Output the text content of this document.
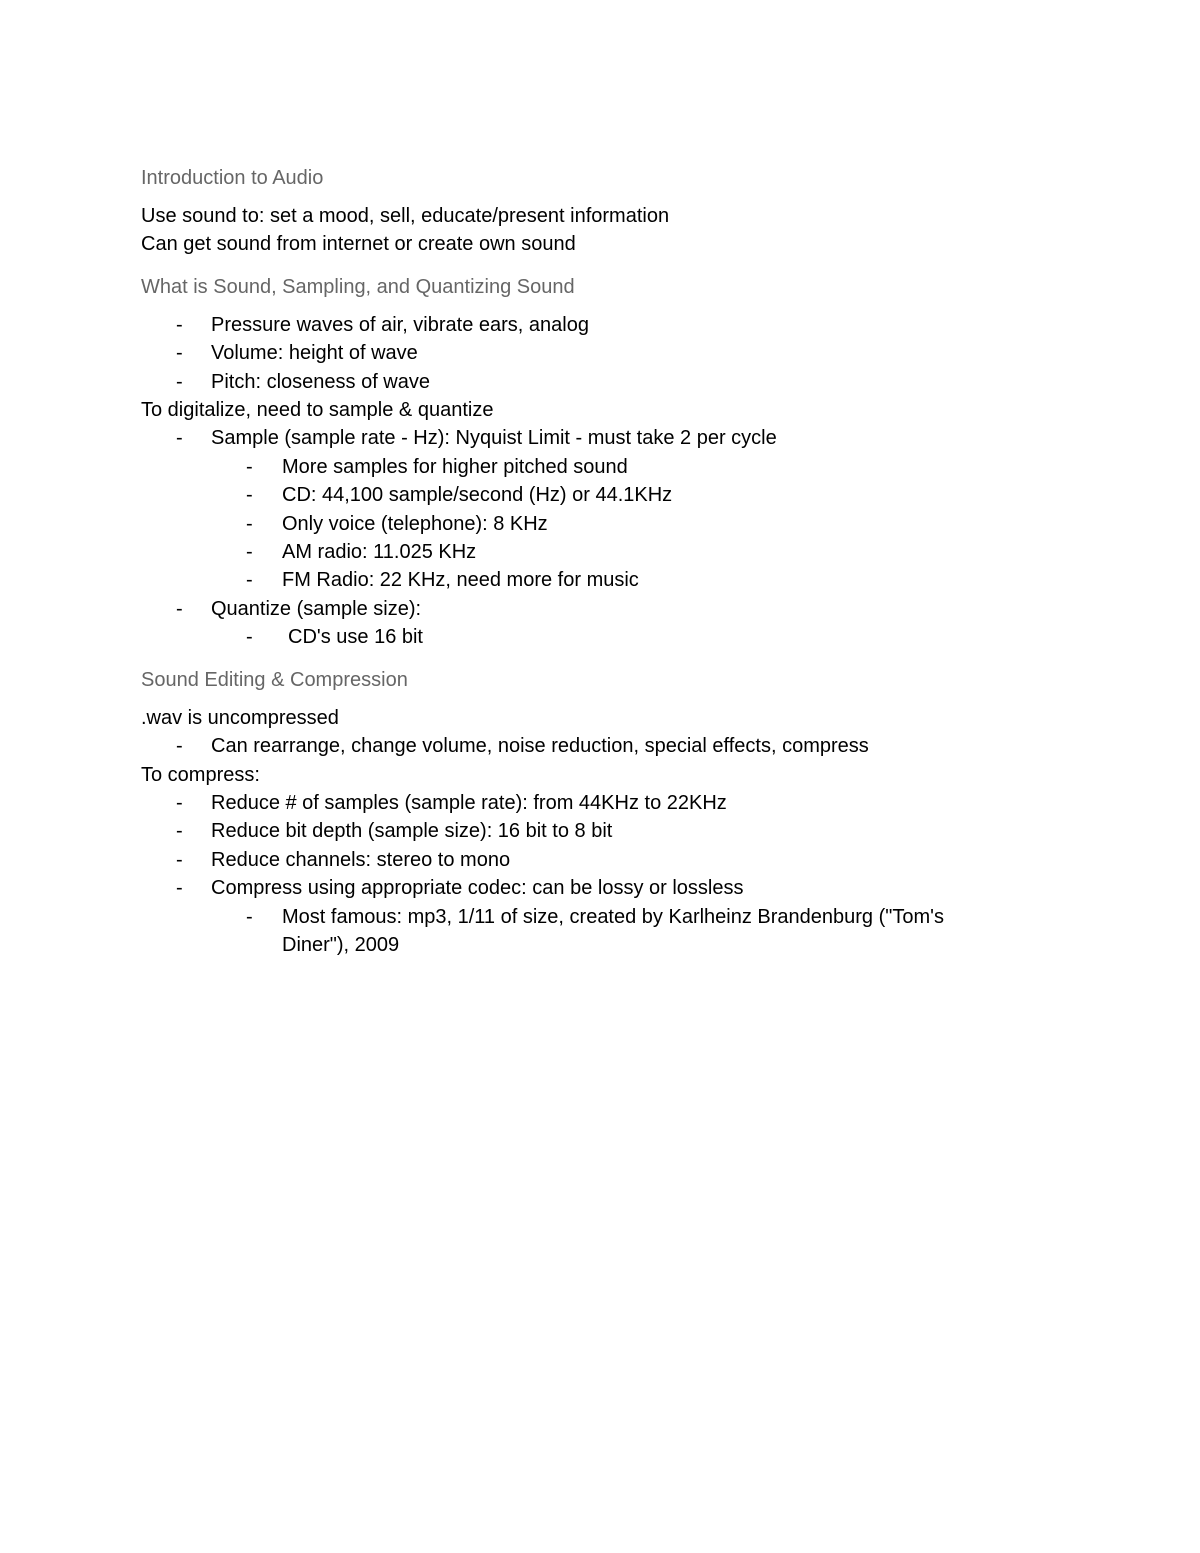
Introduction to Audio

Use sound to: set a mood, sell, educate/present information

Can get sound from internet or create own sound

What is Sound, Sampling, and Quantizing Sound

- Pressure waves of air, vibrate ears, analog
- Volume: height of wave
- Pitch: closeness of wave

To digitalize, need to sample & quantize

- Sample (sample rate - Hz): Nyquist Limit - must take 2 per cycle
- More samples for higher pitched sound
- CD: 44,100 sample/second (Hz) or 44.1KHz
- Only voice (telephone): 8 KHz
- AM radio: 11.025 KHz
- FM Radio: 22 KHz, need more for music
- Quantize (sample size):
-	CD's use 16 bit

Sound Editing & Compression

.wav is uncompressed

- Can rearrange, change volume, noise reduction, special effects, compress

To compress:

- Reduce # of samples (sample rate): from 44KHz to 22KHz
- Reduce bit depth (sample size): 16 bit to 8 bit
- Reduce channels: stereo to mono
- Compress using appropriate codec: can be lossy or lossless
- Most famous: mp3, 1/11 of size, created by Karlheinz Brandenburg ("Tom's Diner"), 2009
